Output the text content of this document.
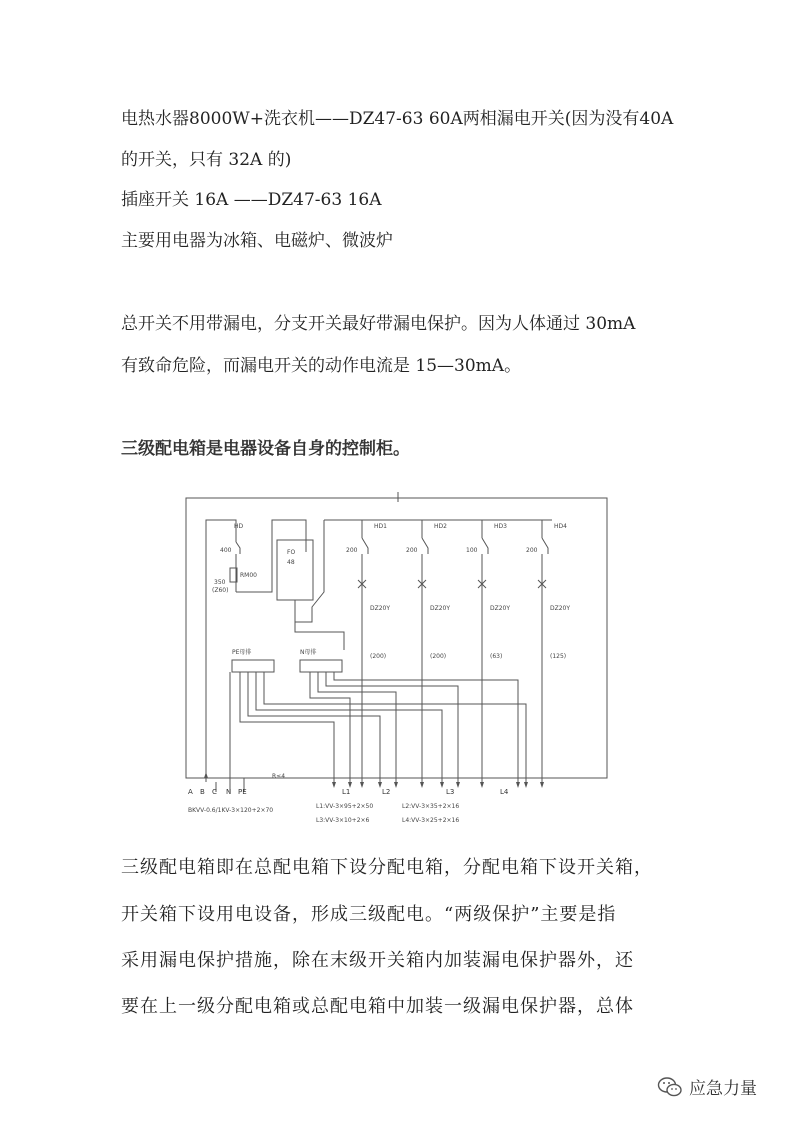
电热水器8000W+洗衣机——DZ47-63 60A两相漏电开关(因为没有40A
的开关，只有 32A 的)
插座开关 16A ——DZ47-63 16A
主要用电器为冰箱、电磁炉、微波炉
总开关不用带漏电，分支开关最好带漏电保护。因为人体通过 30mA
有致命危险，而漏电开关的动作电流是 15—30mA。
三级配电箱是电器设备自身的控制柜。
HD
400
RM00
350
(Z60)
FO
48
PE母排	N母排
HD1	HD2	HD3	HD4
200	200	100	200
DZ20Y	DZ20Y	DZ20Y	DZ20Y
(200)	(200)	(63)	(125)
A B C N PE
R≤4
BKVV-0.6/1KV-3×120+2×70
L1	L2	L3	L4
L1:VV-3×95+2×50	L2:VV-3×35+2×16
L3:VV-3×10+2×6	L4:VV-3×25+2×16
三级配电箱即在总配电箱下设分配电箱，分配电箱下设开关箱，
开关箱下设用电设备，形成三级配电。“两级保护”主要是指
采用漏电保护措施，除在末级开关箱内加装漏电保护器外，还
要在上一级分配电箱或总配电箱中加装一级漏电保护器，总体
应急力量
